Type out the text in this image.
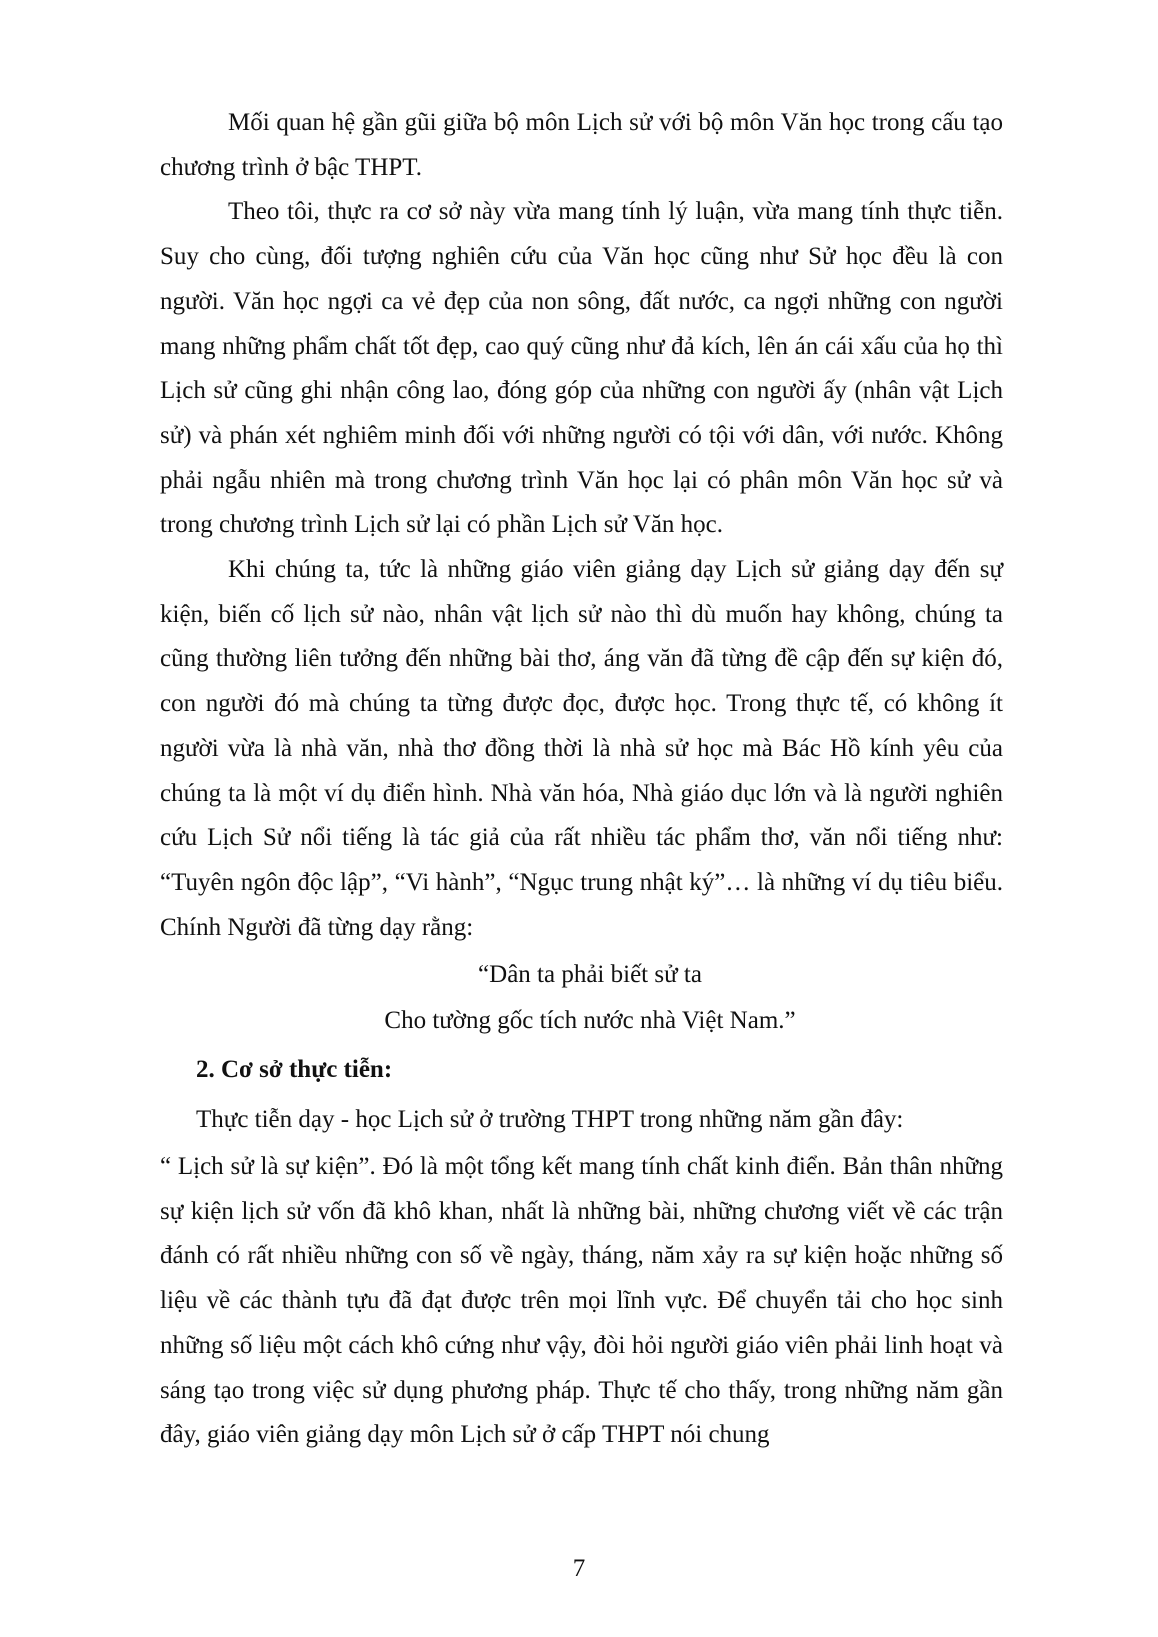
Mối quan hệ gần gũi giữa bộ môn Lịch sử với bộ môn Văn học trong cấu tạo chương trình ở bậc THPT.

Theo tôi, thực ra cơ sở này vừa mang tính lý luận, vừa mang tính thực tiễn. Suy cho cùng, đối tượng nghiên cứu của Văn học cũng như Sử học đều là con người. Văn học ngợi ca vẻ đẹp của non sông, đất nước, ca ngợi những con người mang những phẩm chất tốt đẹp, cao quý cũng như đả kích, lên án cái xấu của họ thì Lịch sử cũng ghi nhận công lao, đóng góp của những con người ấy (nhân vật Lịch sử) và phán xét nghiêm minh đối với những người có tội với dân, với nước. Không phải ngẫu nhiên mà trong chương trình Văn học lại có phân môn Văn học sử và trong chương trình Lịch sử lại có phần Lịch sử Văn học.

Khi chúng ta, tức là những giáo viên giảng dạy Lịch sử giảng dạy đến sự kiện, biến cố lịch sử nào, nhân vật lịch sử nào thì dù muốn hay không, chúng ta cũng thường liên tưởng đến những bài thơ, áng văn đã từng đề cập đến sự kiện đó, con người đó mà chúng ta từng được đọc, được học. Trong thực tế, có không ít người vừa là nhà văn, nhà thơ đồng thời là nhà sử học mà Bác Hồ kính yêu của chúng ta là một ví dụ điển hình. Nhà văn hóa, Nhà giáo dục lớn và là người nghiên cứu Lịch Sử nổi tiếng là tác giả của rất nhiều tác phẩm thơ, văn nổi tiếng như: “Tuyên ngôn độc lập”, “Vi hành”, “Ngục trung nhật ký”… là những ví dụ tiêu biểu. Chính Người đã từng dạy rằng:

“Dân ta phải biết sử ta

Cho tường gốc tích nước nhà Việt Nam.”

2. Cơ sở thực tiễn:

Thực tiễn dạy - học Lịch sử ở trường THPT trong những năm gần đây:

“ Lịch sử là sự kiện”. Đó là một tổng kết mang tính chất kinh điển. Bản thân những sự kiện lịch sử vốn đã khô khan, nhất là những bài, những chương viết về các trận đánh có rất nhiều những con số về ngày, tháng, năm xảy ra sự kiện hoặc những số liệu về các thành tựu đã đạt được trên mọi lĩnh vực. Để chuyển tải cho học sinh những số liệu một cách khô cứng như vậy, đòi hỏi người giáo viên phải linh hoạt và sáng tạo trong việc sử dụng phương pháp. Thực tế cho thấy, trong những năm gần đây, giáo viên giảng dạy môn Lịch sử ở cấp THPT nói chung

7
